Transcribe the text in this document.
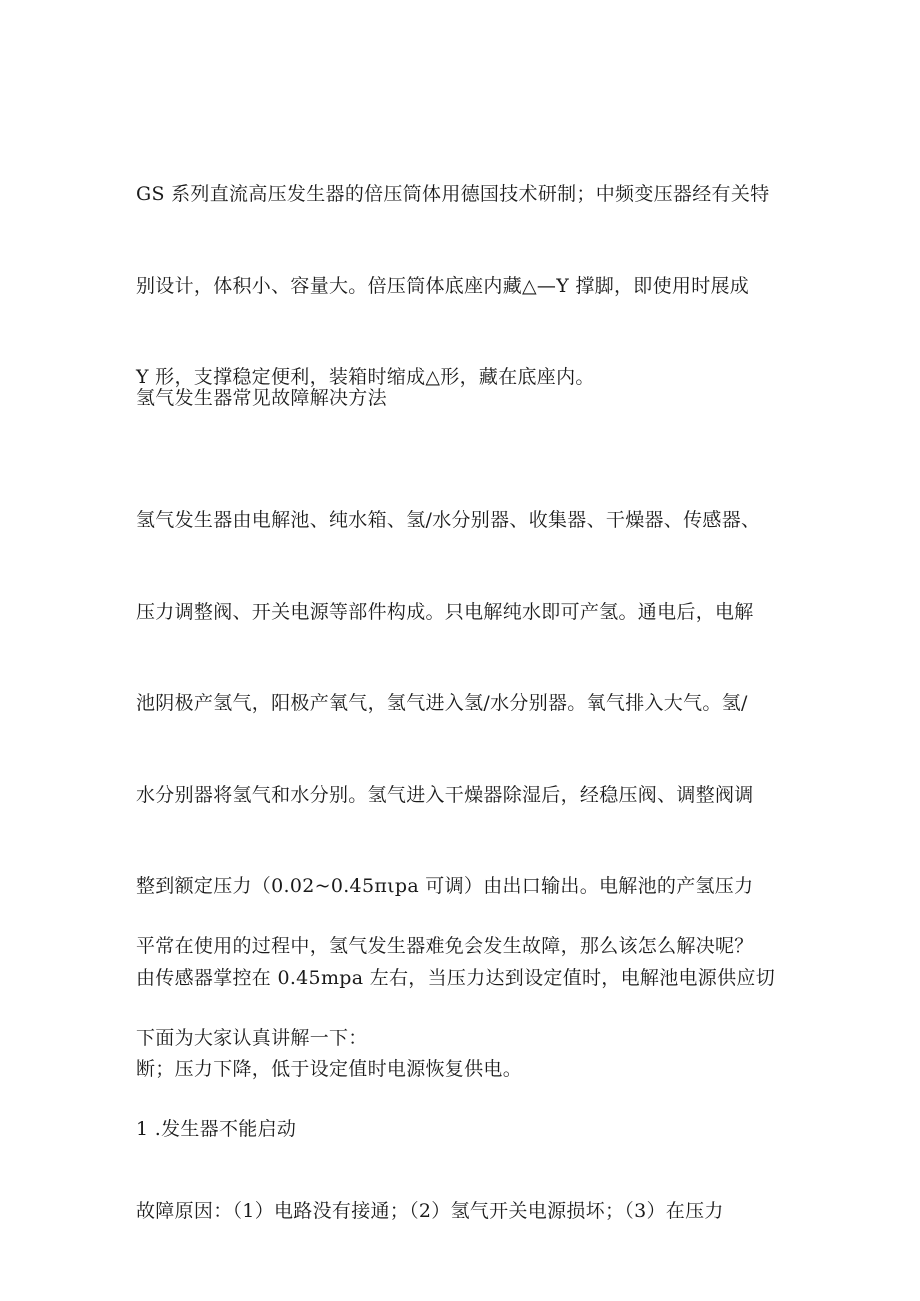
GS 系列直流高压发生器的倍压筒体用德国技术研制；中频变压器经有关特

别设计，体积小、容量大。倍压筒体底座内藏△—Y 撑脚，即使用时展成

Y 形，支撑稳定便利，装箱时缩成△形，藏在底座内。

氢气发生器常见故障解决方法

氢气发生器由电解池、纯水箱、氢/水分别器、收集器、干燥器、传感器、

压力调整阀、开关电源等部件构成。只电解纯水即可产氢。通电后，电解

池阴极产氢气，阳极产氧气，氢气进入氢/水分别器。氧气排入大气。氢/

水分别器将氢气和水分别。氢气进入干燥器除湿后，经稳压阀、调整阀调

整到额定压力（0.02~0.45πιpa 可调）由出口输出。电解池的产氢压力

由传感器掌控在 0.45mpa 左右，当压力达到设定值时，电解池电源供应切

断；压力下降，低于设定值时电源恢复供电。

平常在使用的过程中，氢气发生器难免会发生故障，那么该怎么解决呢？

下面为大家认真讲解一下：

1 .发生器不能启动

故障原因：（1）电路没有接通；（2）氢气开关电源损坏；（3）在压力
